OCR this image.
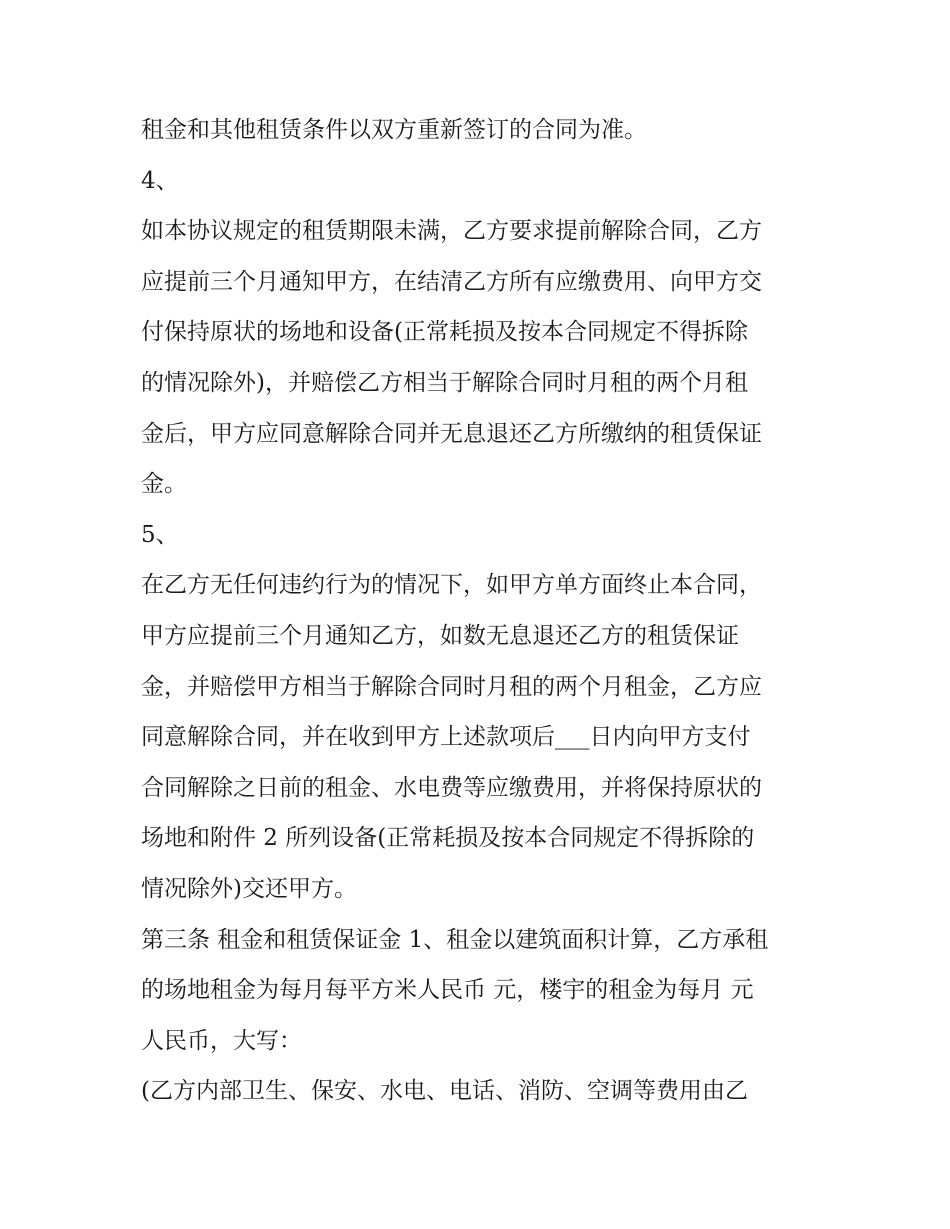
租金和其他租赁条件以双方重新签订的合同为准。
4、
如本协议规定的租赁期限未满，乙方要求提前解除合同，乙方
应提前三个月通知甲方，在结清乙方所有应缴费用、向甲方交
付保持原状的场地和设备(正常耗损及按本合同规定不得拆除
的情况除外)，并赔偿乙方相当于解除合同时月租的两个月租
金后，甲方应同意解除合同并无息退还乙方所缴纳的租赁保证
金。
5、
在乙方无任何违约行为的情况下，如甲方单方面终止本合同，
甲方应提前三个月通知乙方，如数无息退还乙方的租赁保证
金，并赔偿甲方相当于解除合同时月租的两个月租金，乙方应
同意解除合同，并在收到甲方上述款项后___日内向甲方支付
合同解除之日前的租金、水电费等应缴费用，并将保持原状的
场地和附件 2 所列设备(正常耗损及按本合同规定不得拆除的
情况除外)交还甲方。
第三条 租金和租赁保证金 1、租金以建筑面积计算，乙方承租
的场地租金为每月每平方米人民币 元，楼宇的租金为每月 元
人民币，大写：
(乙方内部卫生、保安、水电、电话、消防、空调等费用由乙
